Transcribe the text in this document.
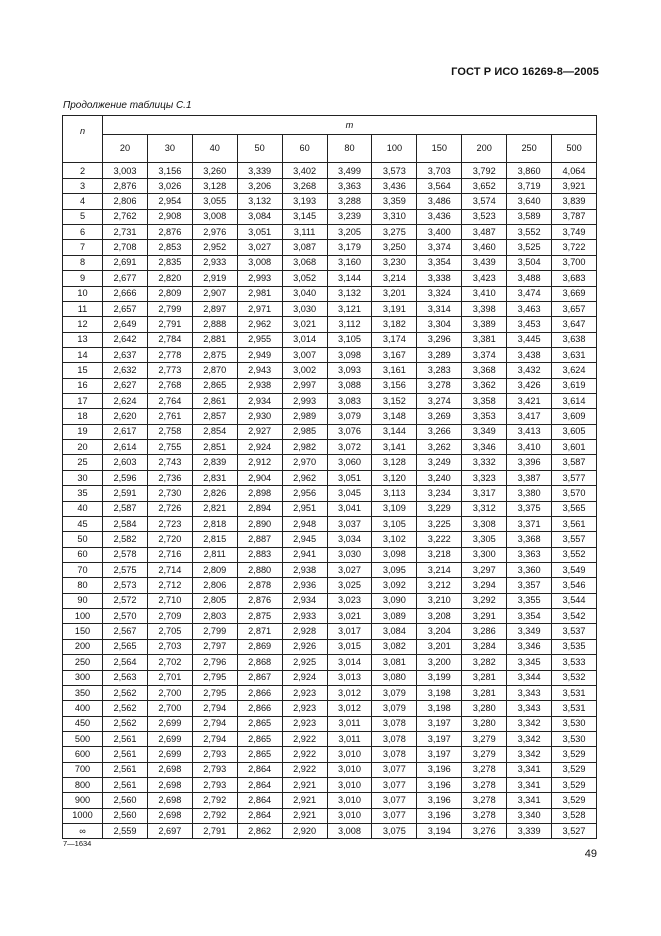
ГОСТ Р ИСО 16269-8—2005
Продолжение таблицы С.1
n	m										
	20	30	40	50	60	80	100	150	200	250	500
2	3,003	3,156	3,260	3,339	3,402	3,499	3,573	3,703	3,792	3,860	4,064
3	2,876	3,026	3,128	3,206	3,268	3,363	3,436	3,564	3,652	3,719	3,921
4	2,806	2,954	3,055	3,132	3,193	3,288	3,359	3,486	3,574	3,640	3,839
5	2,762	2,908	3,008	3,084	3,145	3,239	3,310	3,436	3,523	3,589	3,787
6	2,731	2,876	2,976	3,051	3,111	3,205	3,275	3,400	3,487	3,552	3,749
7	2,708	2,853	2,952	3,027	3,087	3,179	3,250	3,374	3,460	3,525	3,722
8	2,691	2,835	2,933	3,008	3,068	3,160	3,230	3,354	3,439	3,504	3,700
9	2,677	2,820	2,919	2,993	3,052	3,144	3,214	3,338	3,423	3,488	3,683
10	2,666	2,809	2,907	2,981	3,040	3,132	3,201	3,324	3,410	3,474	3,669
11	2,657	2,799	2,897	2,971	3,030	3,121	3,191	3,314	3,398	3,463	3,657
12	2,649	2,791	2,888	2,962	3,021	3,112	3,182	3,304	3,389	3,453	3,647
13	2,642	2,784	2,881	2,955	3,014	3,105	3,174	3,296	3,381	3,445	3,638
14	2,637	2,778	2,875	2,949	3,007	3,098	3,167	3,289	3,374	3,438	3,631
15	2,632	2,773	2,870	2,943	3,002	3,093	3,161	3,283	3,368	3,432	3,624
16	2,627	2,768	2,865	2,938	2,997	3,088	3,156	3,278	3,362	3,426	3,619
17	2,624	2,764	2,861	2,934	2,993	3,083	3,152	3,274	3,358	3,421	3,614
18	2,620	2,761	2,857	2,930	2,989	3,079	3,148	3,269	3,353	3,417	3,609
19	2,617	2,758	2,854	2,927	2,985	3,076	3,144	3,266	3,349	3,413	3,605
20	2,614	2,755	2,851	2,924	2,982	3,072	3,141	3,262	3,346	3,410	3,601
25	2,603	2,743	2,839	2,912	2,970	3,060	3,128	3,249	3,332	3,396	3,587
30	2,596	2,736	2,831	2,904	2,962	3,051	3,120	3,240	3,323	3,387	3,577
35	2,591	2,730	2,826	2,898	2,956	3,045	3,113	3,234	3,317	3,380	3,570
40	2,587	2,726	2,821	2,894	2,951	3,041	3,109	3,229	3,312	3,375	3,565
45	2,584	2,723	2,818	2,890	2,948	3,037	3,105	3,225	3,308	3,371	3,561
50	2,582	2,720	2,815	2,887	2,945	3,034	3,102	3,222	3,305	3,368	3,557
60	2,578	2,716	2,811	2,883	2,941	3,030	3,098	3,218	3,300	3,363	3,552
70	2,575	2,714	2,809	2,880	2,938	3,027	3,095	3,214	3,297	3,360	3,549
80	2,573	2,712	2,806	2,878	2,936	3,025	3,092	3,212	3,294	3,357	3,546
90	2,572	2,710	2,805	2,876	2,934	3,023	3,090	3,210	3,292	3,355	3,544
100	2,570	2,709	2,803	2,875	2,933	3,021	3,089	3,208	3,291	3,354	3,542
150	2,567	2,705	2,799	2,871	2,928	3,017	3,084	3,204	3,286	3,349	3,537
200	2,565	2,703	2,797	2,869	2,926	3,015	3,082	3,201	3,284	3,346	3,535
250	2,564	2,702	2,796	2,868	2,925	3,014	3,081	3,200	3,282	3,345	3,533
300	2,563	2,701	2,795	2,867	2,924	3,013	3,080	3,199	3,281	3,344	3,532
350	2,562	2,700	2,795	2,866	2,923	3,012	3,079	3,198	3,281	3,343	3,531
400	2,562	2,700	2,794	2,866	2,923	3,012	3,079	3,198	3,280	3,343	3,531
450	2,562	2,699	2,794	2,865	2,923	3,011	3,078	3,197	3,280	3,342	3,530
500	2,561	2,699	2,794	2,865	2,922	3,011	3,078	3,197	3,279	3,342	3,530
600	2,561	2,699	2,793	2,865	2,922	3,010	3,078	3,197	3,279	3,342	3,529
700	2,561	2,698	2,793	2,864	2,922	3,010	3,077	3,196	3,278	3,341	3,529
800	2,561	2,698	2,793	2,864	2,921	3,010	3,077	3,196	3,278	3,341	3,529
900	2,560	2,698	2,792	2,864	2,921	3,010	3,077	3,196	3,278	3,341	3,529
1000	2,560	2,698	2,792	2,864	2,921	3,010	3,077	3,196	3,278	3,340	3,528
∞	2,559	2,697	2,791	2,862	2,920	3,008	3,075	3,194	3,276	3,339	3,527
7—1634
49
